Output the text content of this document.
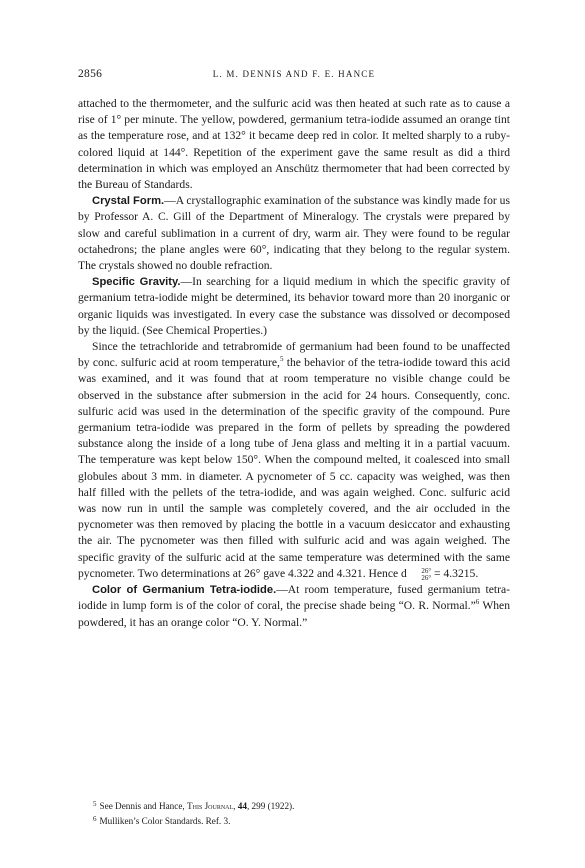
2856	L. M. DENNIS AND F. E. HANCE

attached to the thermometer, and the sulfuric acid was then heated at such rate as to cause a rise of 1° per minute. The yellow, powdered, germanium tetra-iodide assumed an orange tint as the temperature rose, and at 132° it became deep red in color. It melted sharply to a ruby-colored liquid at 144°. Repetition of the experiment gave the same result as did a third determination in which was employed an Anschütz thermometer that had been corrected by the Bureau of Standards.

Crystal Form.—A crystallographic examination of the substance was kindly made for us by Professor A. C. Gill of the Department of Mineralogy. The crystals were prepared by slow and careful sublimation in a current of dry, warm air. They were found to be regular octahedrons; the plane angles were 60°, indicating that they belong to the regular system. The crystals showed no double refraction.

Specific Gravity.—In searching for a liquid medium in which the specific gravity of germanium tetra-iodide might be determined, its behavior toward more than 20 inorganic or organic liquids was investigated. In every case the substance was dissolved or decomposed by the liquid. (See Chemical Properties.)

Since the tetrachloride and tetrabromide of germanium had been found to be unaffected by conc. sulfuric acid at room temperature,$^5$ the behavior of the tetra-iodide toward this acid was examined, and it was found that at room temperature no visible change could be observed in the substance after submersion in the acid for 24 hours. Consequently, conc. sulfuric acid was used in the determination of the specific gravity of the compound. Pure germanium tetra-iodide was prepared in the form of pellets by spreading the powdered substance along the inside of a long tube of Jena glass and melting it in a partial vacuum. The temperature was kept below 150°. When the compound melted, it coalesced into small globules about 3 mm. in diameter. A pycnometer of 5 cc. capacity was weighed, was then half filled with the pellets of the tetra-iodide, and was again weighed. Conc. sulfuric acid was now run in until the sample was completely covered, and the air occluded in the pycnometer was then removed by placing the bottle in a vacuum desiccator and exhausting the air. The pycnometer was then filled with sulfuric acid and was again weighed. The specific gravity of the sulfuric acid at the same temperature was determined with the same pycnometer. Two determinations at 26° gave 4.322 and 4.321. Hence d	26°
26° = 4.3215.

Color of Germanium Tetra-iodide.—At room temperature, fused germanium tetra-iodide in lump form is of the color of coral, the precise shade being “O. R. Normal.”$^6$ When powdered, it has an orange color “O. Y. Normal.”

$^5$ See Dennis and Hance, This Journal, 44, 299 (1922).

$^6$ Mulliken’s Color Standards. Ref. 3.
